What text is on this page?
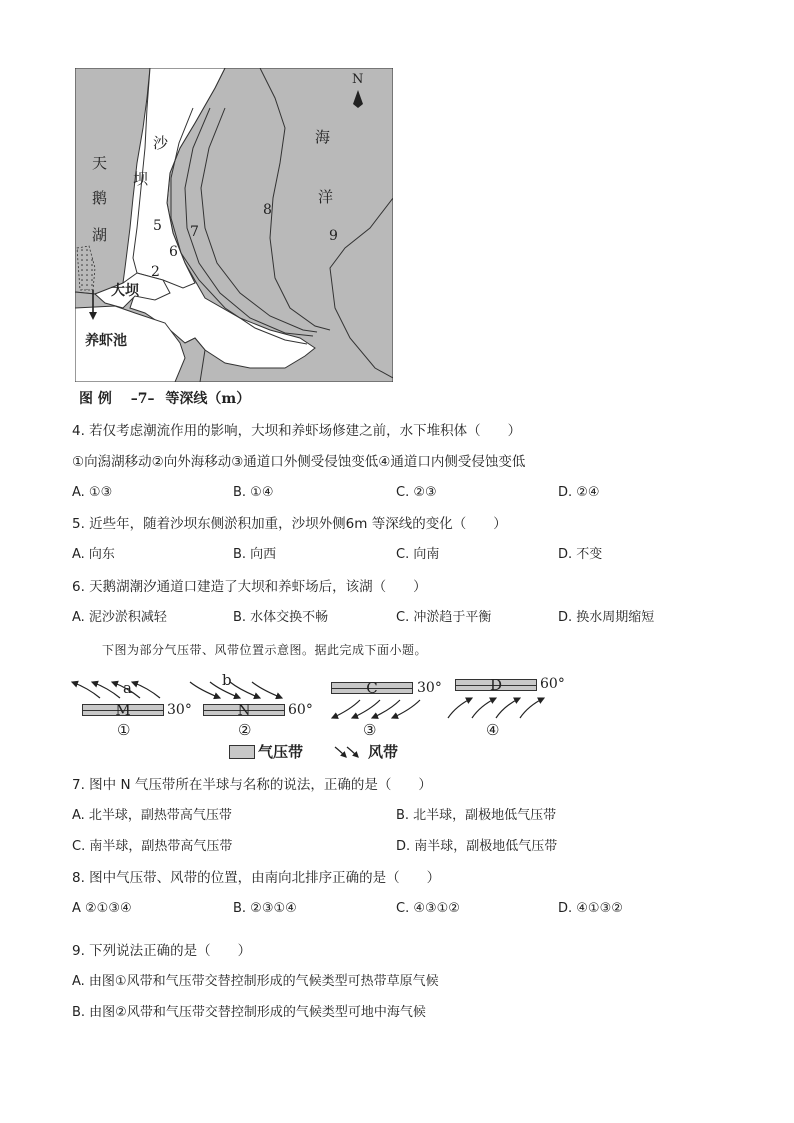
天
鹅
湖
沙
坝
海
洋
大坝
养虾池
N
2
5
6
7
8
9
图 例 –7– 等深线（m）
4. 若仅考虑潮流作用的影响，大坝和养虾场修建之前，水下堆积体（　　）
①向潟湖移动②向外海移动③通道口外侧受侵蚀变低④通道口内侧受侵蚀变低
A. ①③	B. ①④	C. ②③	D. ②④
5. 近些年，随着沙坝东侧淤积加重，沙坝外侧6m 等深线的变化（　　）
A. 向东	B. 向西	C. 向南	D. 不变
6. 天鹅湖潮汐通道口建造了大坝和养虾场后，该湖（　　）
A. 泥沙淤积减轻	B. 水体交换不畅	C. 冲淤趋于平衡	D. 换水周期缩短
下图为部分气压带、风带位置示意图。据此完成下面小题。
a	b
M	30°	N	60°
C	30°	D	60°
①	②	③	④
气压带	风带
7. 图中 N 气压带所在半球与名称的说法，正确的是（　　）
A. 北半球，副热带高气压带	B. 北半球，副极地低气压带
C. 南半球，副热带高气压带	D. 南半球，副极地低气压带
8. 图中气压带、风带的位置，由南向北排序正确的是（　　）
A ②①③④	B. ②③①④	C. ④③①②	D. ④①③②
9. 下列说法正确的是（　　）
A. 由图①风带和气压带交替控制形成的气候类型可热带草原气候
B. 由图②风带和气压带交替控制形成的气候类型可地中海气候
